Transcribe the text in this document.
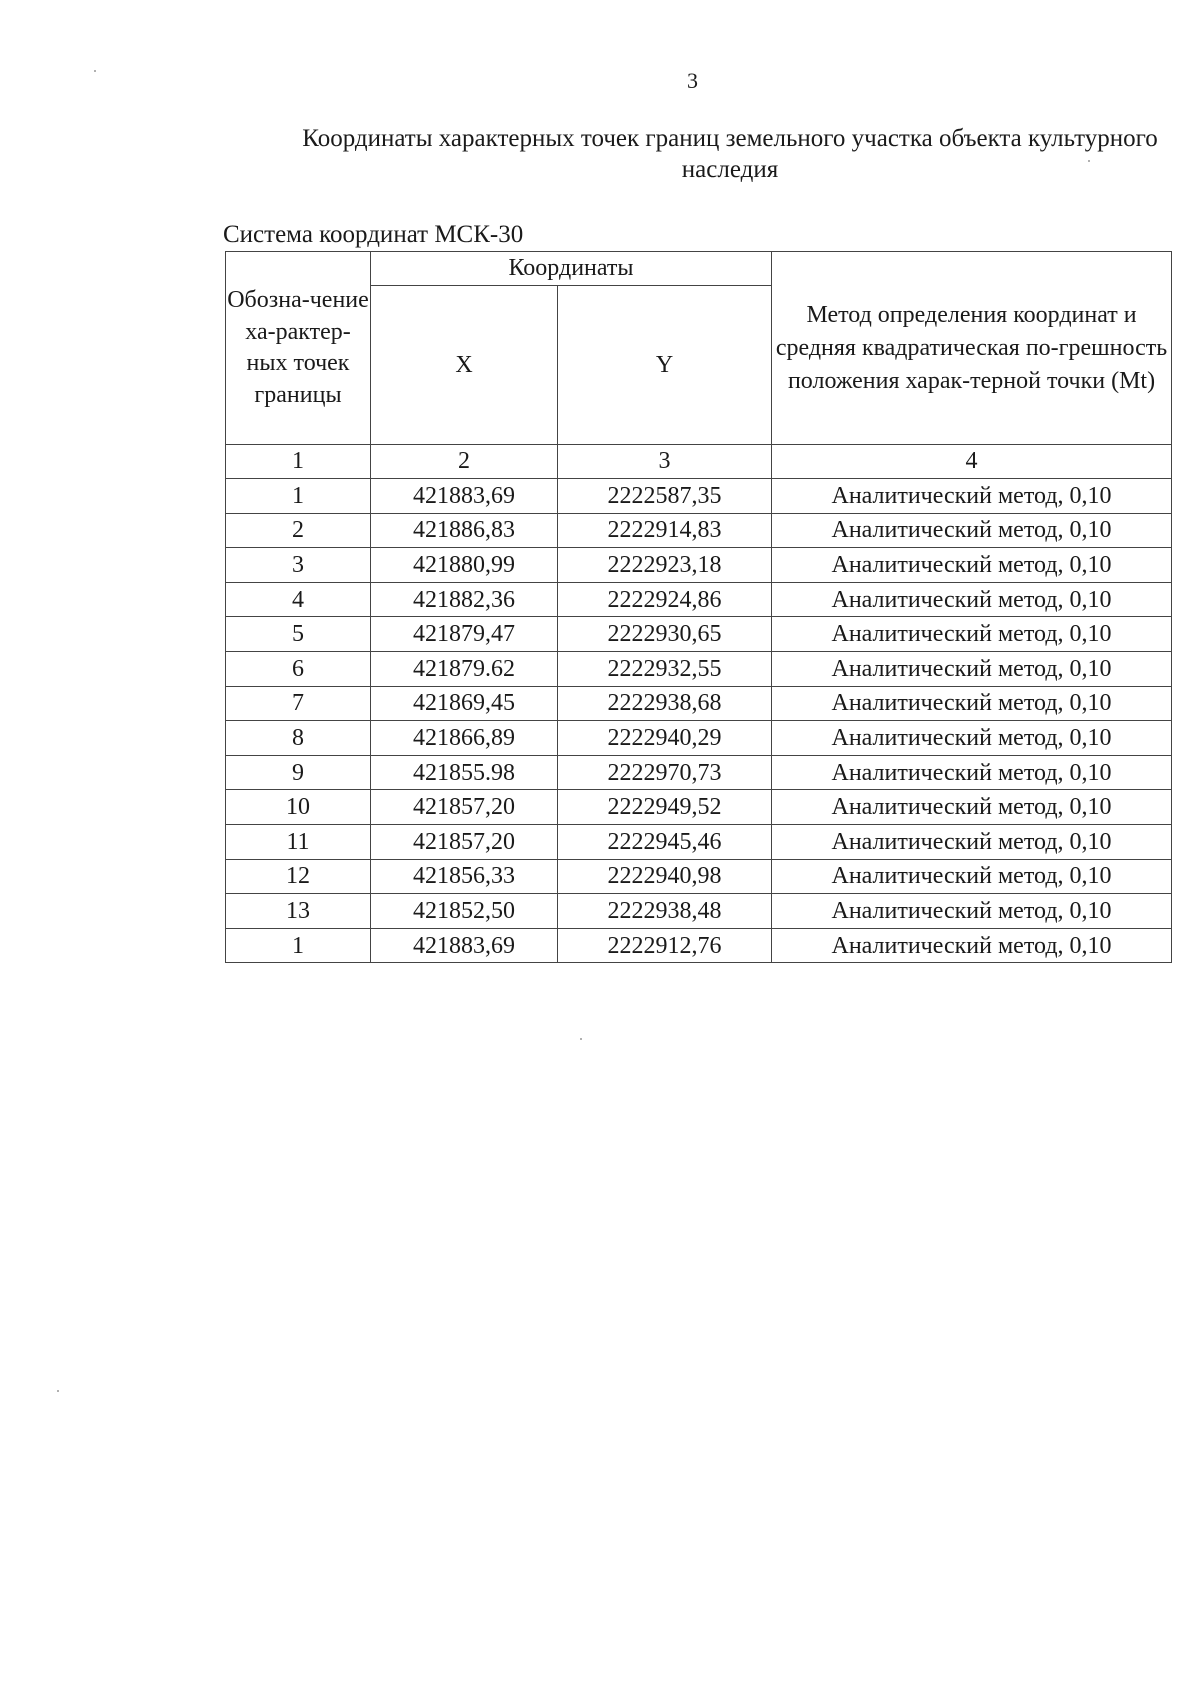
3
Координаты характерных точек границ земельного участка объекта культурного наследия
Система координат МСК-30
Обозна-чение ха-рактер-ных точек границы	Координаты		Метод определения координат и средняя квадратическая по-грешность положения харак-терной точки (Mt)
	X	Y	
1	2	3	4
1	421883,69	2222587,35	Аналитический метод, 0,10
2	421886,83	2222914,83	Аналитический метод, 0,10
3	421880,99	2222923,18	Аналитический метод, 0,10
4	421882,36	2222924,86	Аналитический метод, 0,10
5	421879,47	2222930,65	Аналитический метод, 0,10
6	421879.62	2222932,55	Аналитический метод, 0,10
7	421869,45	2222938,68	Аналитический метод, 0,10
8	421866,89	2222940,29	Аналитический метод, 0,10
9	421855.98	2222970,73	Аналитический метод, 0,10
10	421857,20	2222949,52	Аналитический метод, 0,10
11	421857,20	2222945,46	Аналитический метод, 0,10
12	421856,33	2222940,98	Аналитический метод, 0,10
13	421852,50	2222938,48	Аналитический метод, 0,10
1	421883,69	2222912,76	Аналитический метод, 0,10
